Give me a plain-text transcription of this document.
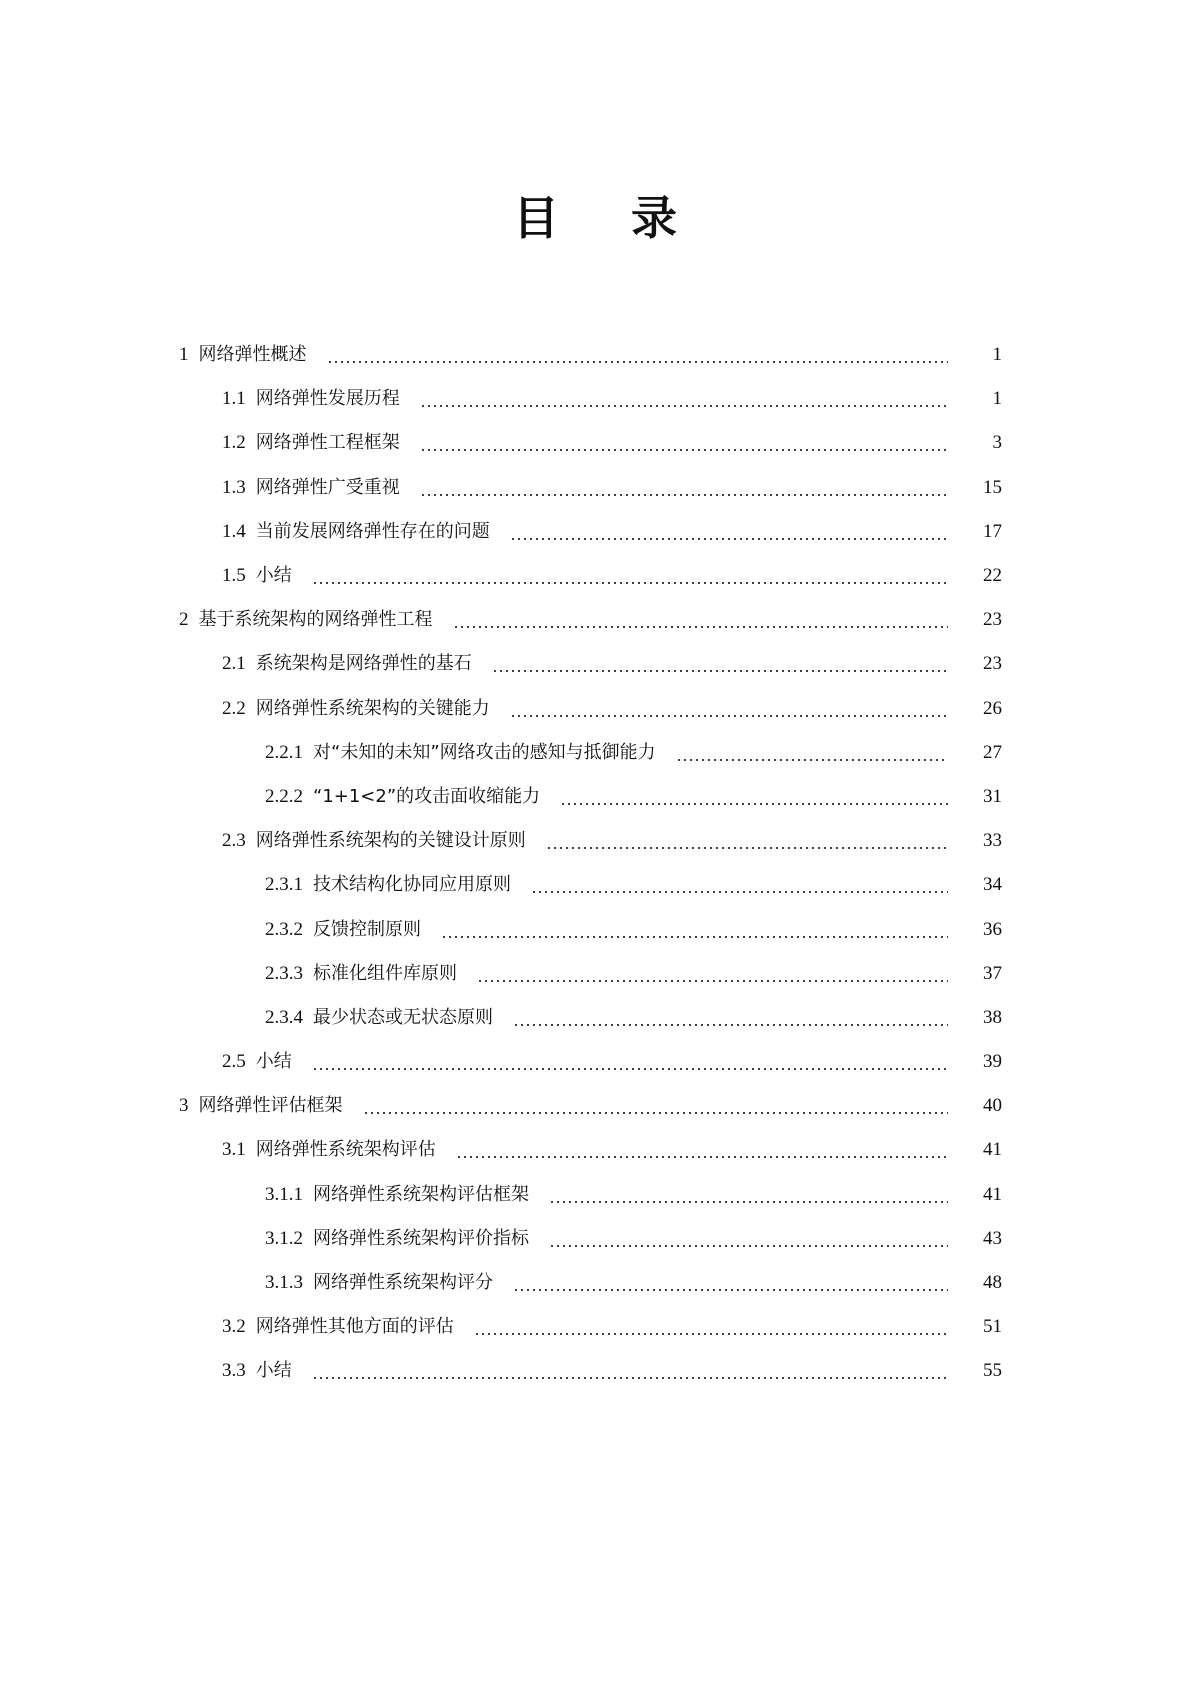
目 录
1 网络弹性概述	1
1.1 网络弹性发展历程	1
1.2 网络弹性工程框架	3
1.3 网络弹性广受重视	15
1.4 当前发展网络弹性存在的问题	17
1.5 小结	22
2 基于系统架构的网络弹性工程	23
2.1 系统架构是网络弹性的基石	23
2.2 网络弹性系统架构的关键能力	26
2.2.1 对“未知的未知”网络攻击的感知与抵御能力	27
2.2.2 “1+1<2”的攻击面收缩能力	31
2.3 网络弹性系统架构的关键设计原则	33
2.3.1 技术结构化协同应用原则	34
2.3.2 反馈控制原则	36
2.3.3 标准化组件库原则	37
2.3.4 最少状态或无状态原则	38
2.5 小结	39
3 网络弹性评估框架	40
3.1 网络弹性系统架构评估	41
3.1.1 网络弹性系统架构评估框架	41
3.1.2 网络弹性系统架构评价指标	43
3.1.3 网络弹性系统架构评分	48
3.2 网络弹性其他方面的评估	51
3.3 小结	55
